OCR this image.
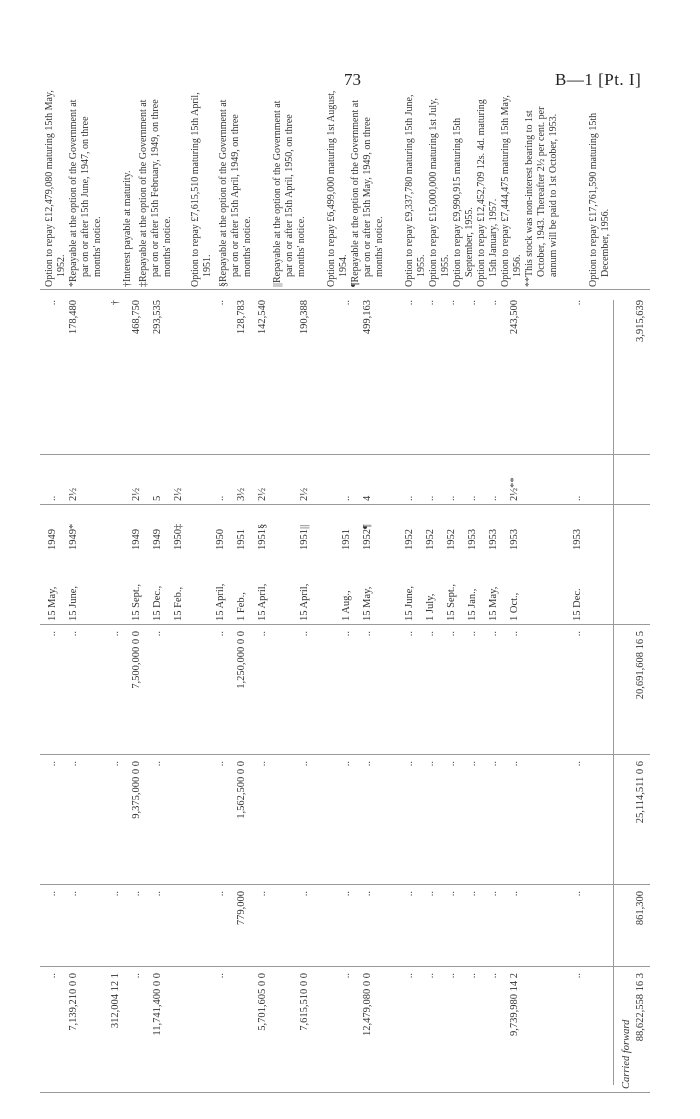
73	B—1 [Pt. I]
..
..
..
..
15 May,
1949
..
..
7,139,210 0 0
..
..
..
15 June,
1949*
2½
178,480
312,004 12 1
..
..
..
†
..
..
9,375,000 0 0
7,500,000 0 0
15 Sept.,
1949
2½
468,750
11,741,400 0 0
..
..
..
15 Dec.,
1949
5
293,535
15 Feb.,
1950‡
2½
..
..
..
..
15 April,
1950
..
..
779,000
1,562,500 0 0
1,250,000 0 0
1 Feb.,
1951
3½
128,783
5,701,605 0 0
..
..
..
15 April,
1951§
2½
142,540
7,615,510 0 0
..
..
..
15 April,
1951||
2½
190,388
..
..
..
..
1 Aug.,
1951
..
..
12,479,080 0 0
..
..
..
15 May,
1952¶
4
499,163
..
..
..
..
15 June,
1952
..
..
..
..
..
..
1 July,
1952
..
..
..
..
..
..
15 Sept.,
1952
..
..
..
..
..
..
15 Jan.,
1953
..
..
..
..
..
..
15 May,
1953
..
..
9,739,980 14 2
..
..
..
1 Oct.,
1953
2½**
243,500
..
..
..
..
15 Dec.
1953
..
..
Carried forward
88,622,558 16 3
861,300
25,114,511 0 6
20,691,608 16 5
3,915,639
Option to repay £12,479,080 maturing 15th May, 1952. *Repayable at the option of the Government at par on or after 15th June, 1947, on three months' notice. †Interest payable at maturity. ‡Repayable at the option of the Government at par on or after 15th February, 1949, on three months' notice. Option to repay £7,615,510 maturing 15th April, 1951. §Repayable at the option of the Government at par on or after 15th April, 1949, on three months' notice. ||Repayable at the option of the Government at par on or after 15th April, 1950, on three months' notice. Option to repay £6,499,000 maturing 1st August, 1954. ¶Repayable at the option of the Government at par on or after 15th May, 1949, on three months' notice. Option to repay £9,337,780 maturing 15th June, 1955. Option to repay £15,000,000 maturing 1st July, 1955. Option to repay £9,990,915 maturing 15th September, 1955. Option to repay £12,452,709 12s. 4d. maturing 15th January, 1957. Option to repay £7,444,475 maturing 15th May, 1956. **This stock was non-interest bearing to 1st October, 1943. Thereafter 2½ per cent. per annum will be paid to 1st October, 1953.	Option to repay £17,761,590 maturing 15th December, 1956.
